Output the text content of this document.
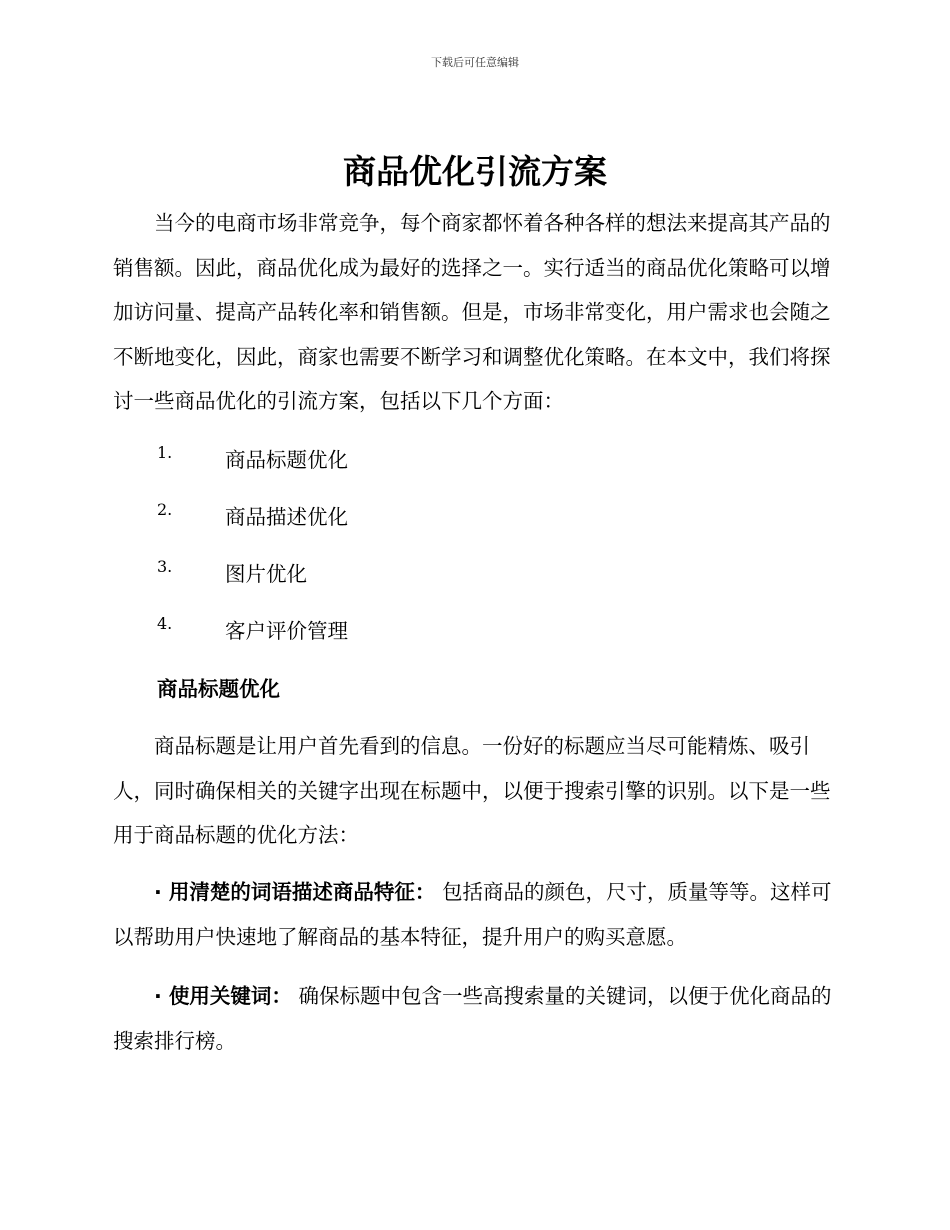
下载后可任意编辑
商品优化引流方案

当今的电商市场非常竞争，每个商家都怀着各种各样的想法来提高其产品的销售额。因此，商品优化成为最好的选择之一。实行适当的商品优化策略可以增加访问量、提高产品转化率和销售额。但是，市场非常变化，用户需求也会随之不断地变化，因此，商家也需要不断学习和调整优化策略。在本文中，我们将探讨一些商品优化的引流方案，包括以下几个方面：

1.	商品标题优化
2.	商品描述优化
3.	图片优化
4.	客户评价管理
商品标题优化

商品标题是让用户首先看到的信息。一份好的标题应当尽可能精炼、吸引人，同时确保相关的关键字出现在标题中，以便于搜索引擎的识别。以下是一些用于商品标题的优化方法：

· 用清楚的词语描述商品特征： 包括商品的颜色，尺寸，质量等等。这样可以帮助用户快速地了解商品的基本特征，提升用户的购买意愿。

· 使用关键词： 确保标题中包含一些高搜索量的关键词，以便于优化商品的搜索排行榜。
